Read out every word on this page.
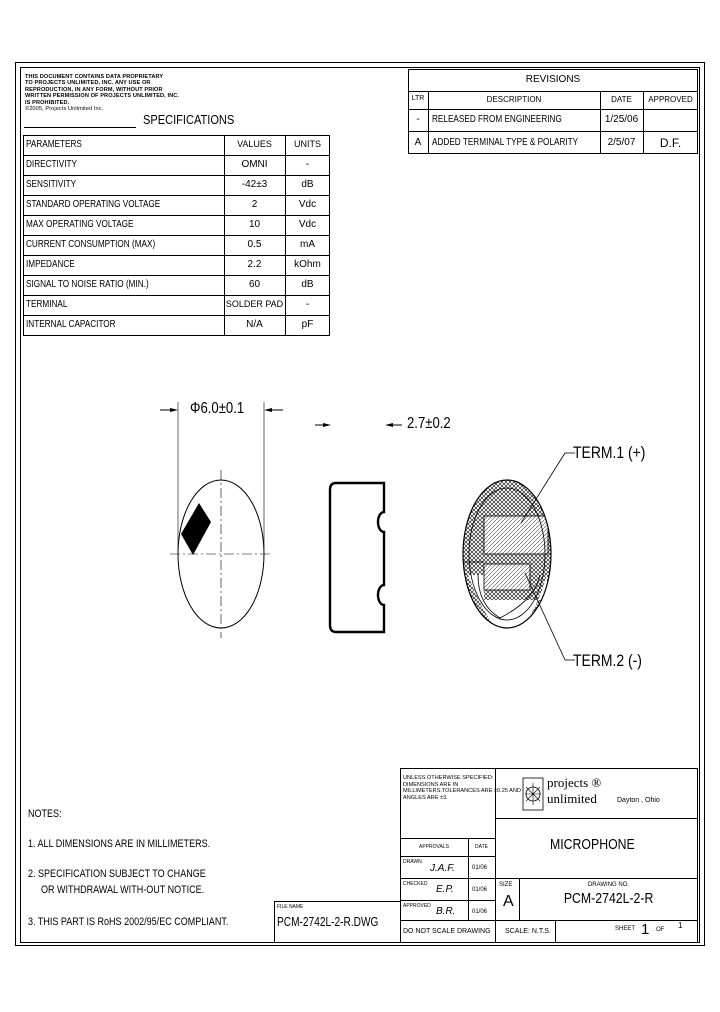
THIS DOCUMENT CONTAINS DATA PROPRIETARY
TO PROJECTS UNLIMITED, INC. ANY USE OR
REPRODUCTION, IN ANY FORM, WITHOUT PRIOR
WRITTEN PERMISSION OF PROJECTS UNLIMITED, INC.
IS PROHIBITED.
©2005, Projects Unlimited Inc.
SPECIFICATIONS
PARAMETERS	VALUES	UNITS
DIRECTIVITY	OMNI	-
SENSITIVITY	-42±3	dB
STANDARD OPERATING VOLTAGE	2	Vdc
MAX OPERATING VOLTAGE	10	Vdc
CURRENT CONSUMPTION (MAX)	0.5	mA
IMPEDANCE	2.2	kOhm
SIGNAL TO NOISE RATIO (MIN.)	60	dB
TERMINAL	SOLDER PAD	-
INTERNAL CAPACITOR	N/A	pF
REVISIONS
LTR	DESCRIPTION	DATE	APPROVED
-	RELEASED FROM ENGINEERING	1/25/06
A	ADDED TERMINAL TYPE & POLARITY	2/5/07	D.F.
Φ6.0±0.1
2.7±0.2
TERM.1 (+)
TERM.2 (-)
NOTES:
1. ALL DIMENSIONS ARE IN MILLIMETERS.
2. SPECIFICATION SUBJECT TO CHANGE
OR WITHDRAWAL WITH-OUT NOTICE.
3. THIS PART IS RoHS 2002/95/EC COMPLIANT.
FILE NAME
PCM-2742L-2-R.DWG
UNLESS OTHERWISE SPECIFIED:
DIMENSIONS ARE IN
MILLIMETERS.TOLERANCES ARE ±0.25 AND
ANGLES ARE ±3.
projects ®
unlimited	Dayton , Ohio
MICROPHONE
APPROVALS	DATE
DRAWN
J.A.F.	01/06
CHECKED E.P.	01/06
APPROVED B.R.	01/06
SIZE
A
DRAWING NO.
PCM-2742L-2-R
DO NOT SCALE DRAWING SCALE: N.T.S.	SHEET 1 OF 1
